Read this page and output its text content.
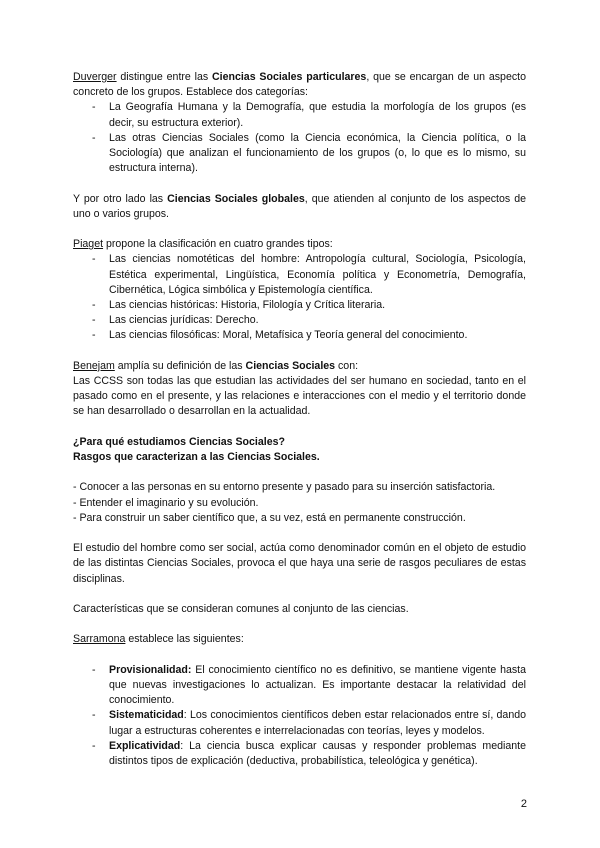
Duverger distingue entre las Ciencias Sociales particulares, que se encargan de un aspecto concreto de los grupos. Establece dos categorías:

- La Geografía Humana y la Demografía, que estudia la morfología de los grupos (es decir, su estructura exterior).
- Las otras Ciencias Sociales (como la Ciencia económica, la Ciencia política, o la Sociología) que analizan el funcionamiento de los grupos (o, lo que es lo mismo, su estructura interna).

Y por otro lado las Ciencias Sociales globales, que atienden al conjunto de los aspectos de uno o varios grupos.

Piaget propone la clasificación en cuatro grandes tipos:

- Las ciencias nomotéticas del hombre: Antropología cultural, Sociología, Psicología, Estética experimental, Lingüística, Economía política y Econometría, Demografía, Cibernética, Lógica simbólica y Epistemología científica.
- Las ciencias históricas: Historia, Filología y Crítica literaria.
- Las ciencias jurídicas: Derecho.
- Las ciencias filosóficas: Moral, Metafísica y Teoría general del conocimiento.

Benejam amplía su definición de las Ciencias Sociales con:

Las CCSS son todas las que estudian las actividades del ser humano en sociedad, tanto en el pasado como en el presente, y las relaciones e interacciones con el medio y el territorio donde se han desarrollado o desarrollan en la actualidad.

¿Para qué estudiamos Ciencias Sociales?

Rasgos que caracterizan a las Ciencias Sociales.

- Conocer a las personas en su entorno presente y pasado para su inserción satisfactoria.

- Entender el imaginario y su evolución.

- Para construir un saber científico que, a su vez, está en permanente construcción.

El estudio del hombre como ser social, actúa como denominador común en el objeto de estudio de las distintas Ciencias Sociales, provoca el que haya una serie de rasgos peculiares de estas disciplinas.

Características que se consideran comunes al conjunto de las ciencias.

Sarramona establece las siguientes:

- Provisionalidad: El conocimiento científico no es definitivo, se mantiene vigente hasta que nuevas investigaciones lo actualizan. Es importante destacar la relatividad del conocimiento.
- Sistematicidad: Los conocimientos científicos deben estar relacionados entre sí, dando lugar a estructuras coherentes e interrelacionadas con teorías, leyes y modelos.
- Explicatividad: La ciencia busca explicar causas y responder problemas mediante distintos tipos de explicación (deductiva, probabilística, teleológica y genética).
2
